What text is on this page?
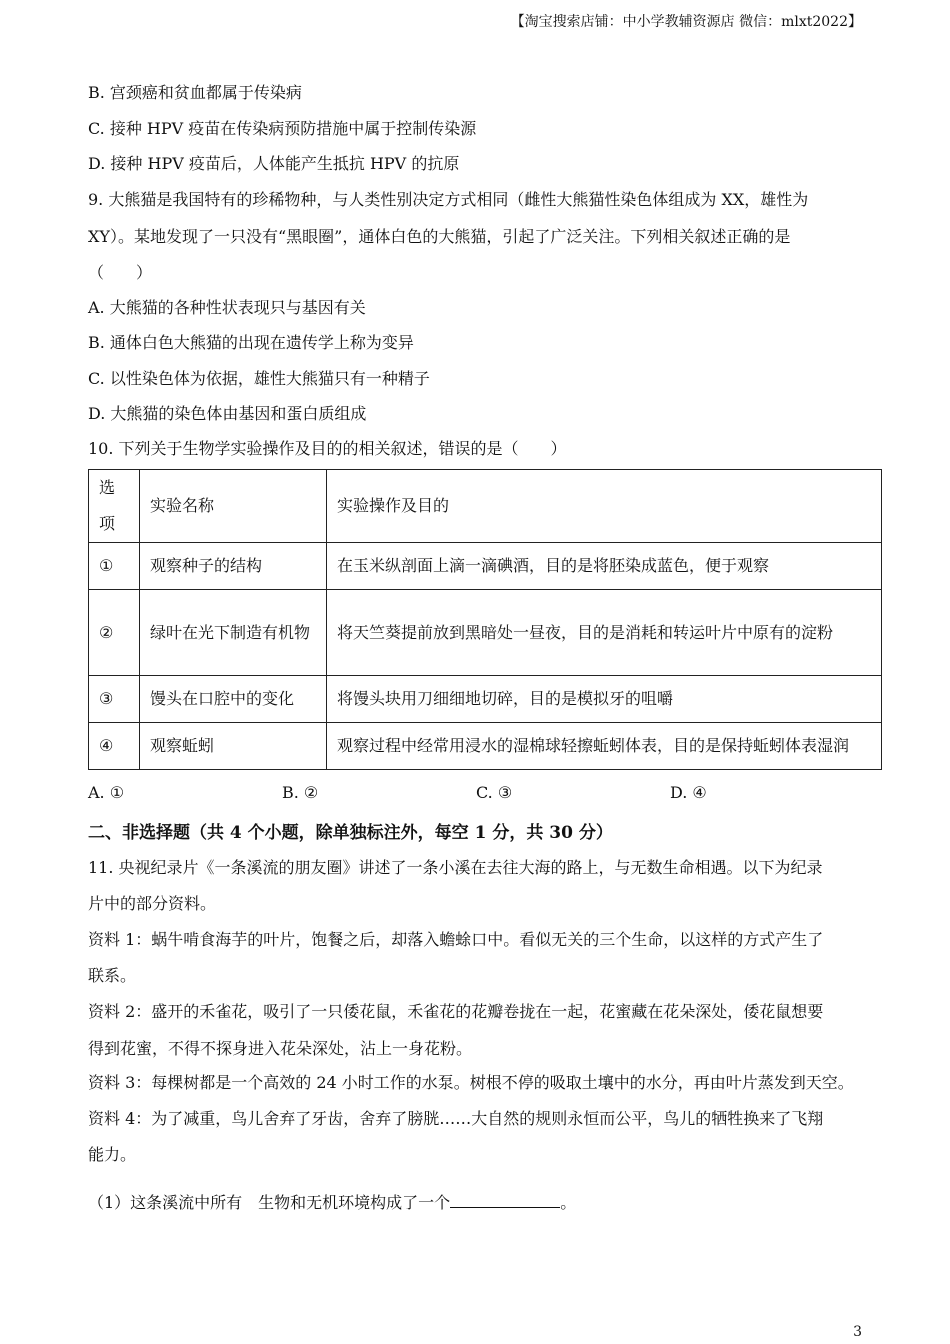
【淘宝搜索店铺：中小学教辅资源店 微信：mlxt2022】
B. 宫颈癌和贫血都属于传染病
C. 接种 HPV 疫苗在传染病预防措施中属于控制传染源
D. 接种 HPV 疫苗后，人体能产生抵抗 HPV 的抗原
9. 大熊猫是我国特有的珍稀物种，与人类性别决定方式相同（雌性大熊猫性染色体组成为 XX，雄性为
XY）。某地发现了一只没有“黑眼圈”，通体白色的大熊猫，引起了广泛关注。下列相关叙述正确的是
（　　）
A. 大熊猫的各种性状表现只与基因有关
B. 通体白色大熊猫的出现在遗传学上称为变异
C. 以性染色体为依据，雄性大熊猫只有一种精子
D. 大熊猫的染色体由基因和蛋白质组成
10. 下列关于生物学实验操作及目的的相关叙述，错误的是（　　）
选项	实验名称	实验操作及目的
①	观察种子的结构	在玉米纵剖面上滴一滴碘酒，目的是将胚染成蓝色，便于观察
②	绿叶在光下制造有机物	将天竺葵提前放到黑暗处一昼夜，目的是消耗和转运叶片中原有的淀粉
③	馒头在口腔中的变化	将馒头块用刀细细地切碎，目的是模拟牙的咀嚼
④	观察蚯蚓	观察过程中经常用浸水的湿棉球轻擦蚯蚓体表，目的是保持蚯蚓体表湿润
A. ①	B. ②	C. ③	D. ④
二、非选择题（共 4 个小题，除单独标注外，每空 1 分，共 30 分）
11. 央视纪录片《一条溪流的朋友圈》讲述了一条小溪在去往大海的路上，与无数生命相遇。以下为纪录
片中的部分资料。
资料 1：蜗牛啃食海芋的叶片，饱餐之后，却落入蟾蜍口中。看似无关的三个生命，以这样的方式产生了
联系。
资料 2：盛开的禾雀花，吸引了一只倭花鼠，禾雀花的花瓣卷拢在一起，花蜜藏在花朵深处，倭花鼠想要
得到花蜜，不得不探身进入花朵深处，沾上一身花粉。
资料 3：每棵树都是一个高效的 24 小时工作的水泵。树根不停的吸取土壤中的水分，再由叶片蒸发到天空。
资料 4：为了减重，鸟儿舍弃了牙齿，舍弃了膀胱……大自然的规则永恒而公平，鸟儿的牺牲换来了飞翔
能力。
（1）这条溪流中所有　生物和无机环境构成了一个	。
3
